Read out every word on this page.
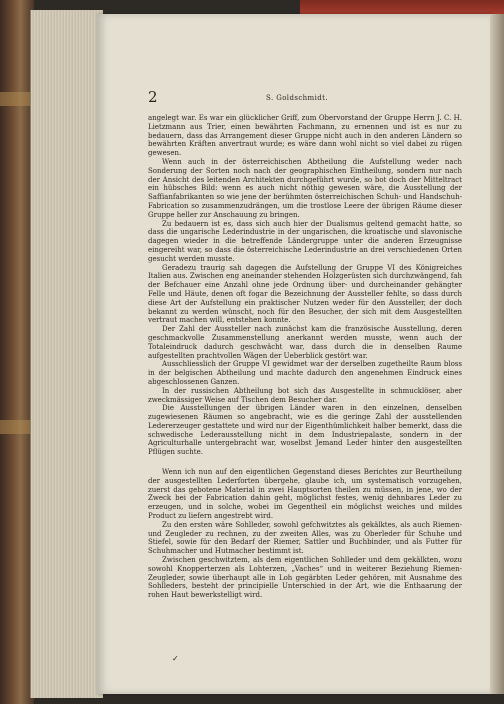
2	S. Goldschmidt.

angelegt war. Es war ein glücklicher Griff, zum Obervorstand der Gruppe Herrn J. C. H. Lietzmann aus Trier, einen bewährten Fachmann, zu ernennen und ist es nur zu bedauern, dass das Arrangement dieser Gruppe nicht auch in den anderen Ländern so bewährten Kräften anvertraut wurde; es wäre dann wohl nicht so viel dabei zu rügen gewesen.

Wenn auch in der österreichischen Abtheilung die Aufstellung weder nach Sonderung der Sorten noch nach der geographischen Eintheilung, sondern nur nach der Ansicht des leitenden Architekten durchgeführt wurde, so bot doch der Mitteltract ein hübsches Bild: wenn es auch nicht nöthig gewesen wäre, die Ausstellung der Saffianfabrikanten so wie jene der berühmten österreichischen Schuh- und Handschuh-Fabrication so zusammenzudrängen, um die trostlose Leere der übrigen Räume dieser Gruppe heller zur Anschauung zu bringen.

Zu bedauern ist es, dass sich auch hier der Dualismus geltend gemacht hatte, so dass die ungarische Lederindustrie in der ungarischen, die kroatische und slavonische dagegen wieder in die betreffende Ländergruppe unter die anderen Erzeugnisse eingereiht war, so dass die österreichische Lederindustrie an drei verschiedenen Orten gesucht werden musste.

Geradezu traurig sah dagegen die Aufstellung der Gruppe VI des Königreiches Italien aus. Zwischen eng aneinander stehenden Holzgerüsten sich durchzwängend, fah der Befchauer eine Anzahl ohne jede Ordnung über- und durcheinander gehängter Felle und Häute, denen oft fogar die Bezeichnung der Aussteller fehlte, so dass durch diese Art der Aufstellung ein praktischer Nutzen weder für den Aussteller, der doch bekannt zu werden wünscht, noch für den Besucher, der sich mit dem Ausgestellten vertraut machen will, entstehen konnte.

Der Zahl der Aussteller nach zunächst kam die französische Ausstellung, deren geschmackvolle Zusammenstellung anerkannt werden musste, wenn auch der Totaleindruck dadurch geschwächt war, dass durch die in denselben Raume aufgestellten prachtvollen Wägen der Ueberblick gestört war.

Ausschliesslich der Gruppe VI gewidmet war der derselben zugetheilte Raum bloss in der belgischen Abtheilung und machte dadurch den angenehmen Eindruck eines abgeschlossenen Ganzen.

In der russischen Abtheilung bot sich das Ausgestellte in schmucklöser, aber zweckmässiger Weise auf Tischen dem Besucher dar.

Die Ausstellungen der übrigen Länder waren in den einzelnen, denselben zugewiesenen Räumen so angebracht, wie es die geringe Zahl der ausstellenden Ledererzeuger gestattete und wird nur der Eigenthümlichkeit halber bemerkt, dass die schwedische Lederausstellung nicht in dem Industriepalaste, sondern in der Agriculturhalle untergebracht war, woselbst Jemand Leder hinter den ausgestellten Pflügen suchte.

Wenn ich nun auf den eigentlichen Gegenstand dieses Berichtes zur Beurtheilung der ausgestellten Lederforten übergehe, glaube ich, um systematisch vorzugehen, zuerst das gebotene Material in zwei Hauptsorten theilen zu müssen, in jene, wo der Zweck bei der Fabrication dahin geht, möglichst festes, wenig dehnbares Leder zu erzeugen, und in solche, wobei im Gegentheil ein möglichst weiches und mildes Product zu liefern angestrebt wird.

Zu den ersten wäre Sohlleder, sowohl gefchwitztes als gekälktes, als auch Riemen- und Zeugleder zu rechnen, zu der zweiten Alles, was zu Oberleder für Schuhe und Stiefel, sowie für den Bedarf der Riemer, Sattler und Buchbinder, und als Futter für Schuhmacher und Hutmacher bestimmt ist.

Zwischen geschwitztem, als dem eigentlichen Sohlleder und dem gekälkten, wozu sowohl Knopperterzen als Lohterzen, „Vaches“ und in weiterer Beziehung Riemen-Zeugleder, sowie überhaupt alle in Loh gegärbten Leder gehören, mit Ausnahme des Sohlleders, besteht der principielle Unterschied in der Art, wie die Enthaarung der rohen Haut bewerkstelligt wird.

✓
